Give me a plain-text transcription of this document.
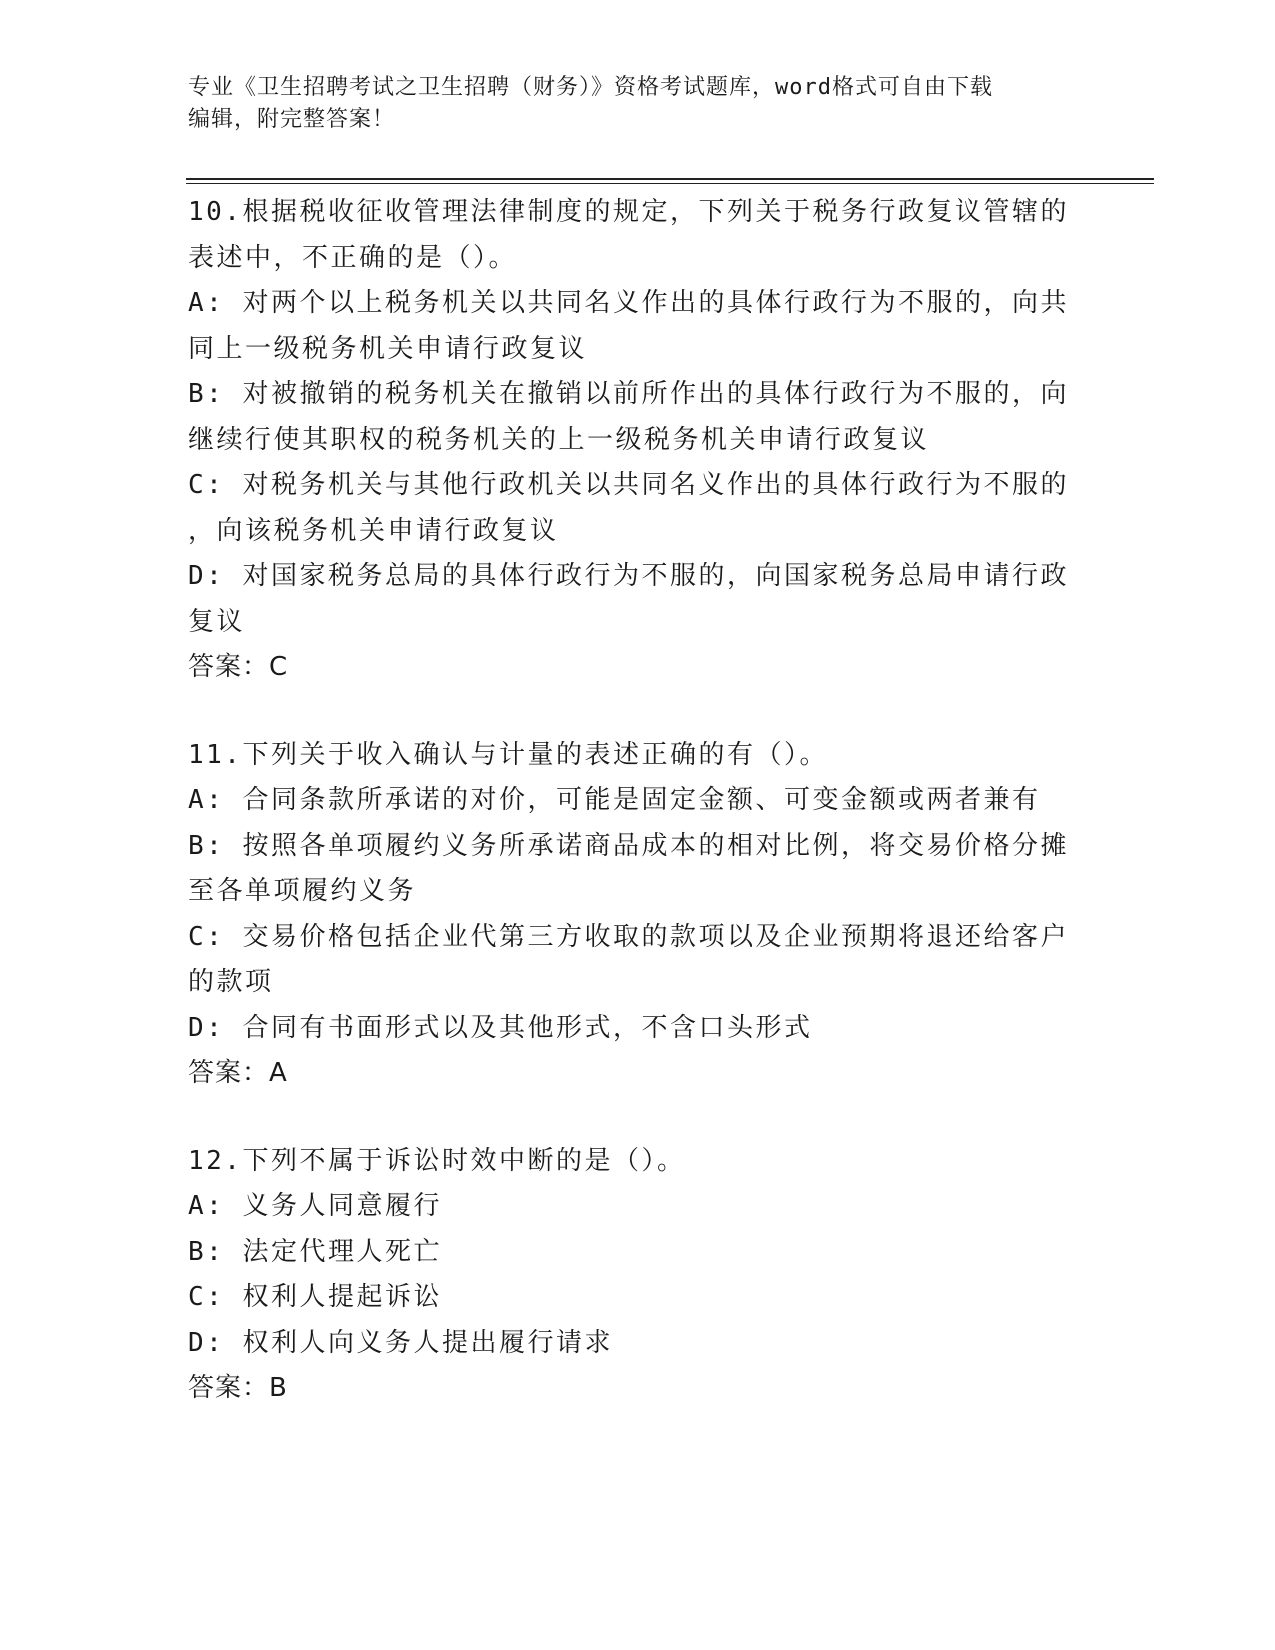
专业《卫生招聘考试之卫生招聘（财务）》资格考试题库，word格式可自由下载
编辑，附完整答案！

10.根据税收征收管理法律制度的规定，下列关于税务行政复议管辖的

表述中，不正确的是（）。

A: 对两个以上税务机关以共同名义作出的具体行政行为不服的，向共

同上一级税务机关申请行政复议

B: 对被撤销的税务机关在撤销以前所作出的具体行政行为不服的，向

继续行使其职权的税务机关的上一级税务机关申请行政复议

C: 对税务机关与其他行政机关以共同名义作出的具体行政行为不服的

，向该税务机关申请行政复议

D: 对国家税务总局的具体行政行为不服的，向国家税务总局申请行政

复议

答案：C

11.下列关于收入确认与计量的表述正确的有（）。

A: 合同条款所承诺的对价，可能是固定金额、可变金额或两者兼有

B: 按照各单项履约义务所承诺商品成本的相对比例，将交易价格分摊

至各单项履约义务

C: 交易价格包括企业代第三方收取的款项以及企业预期将退还给客户

的款项

D: 合同有书面形式以及其他形式，不含口头形式

答案：A

12.下列不属于诉讼时效中断的是（）。

A: 义务人同意履行

B: 法定代理人死亡

C: 权利人提起诉讼

D: 权利人向义务人提出履行请求

答案：B
